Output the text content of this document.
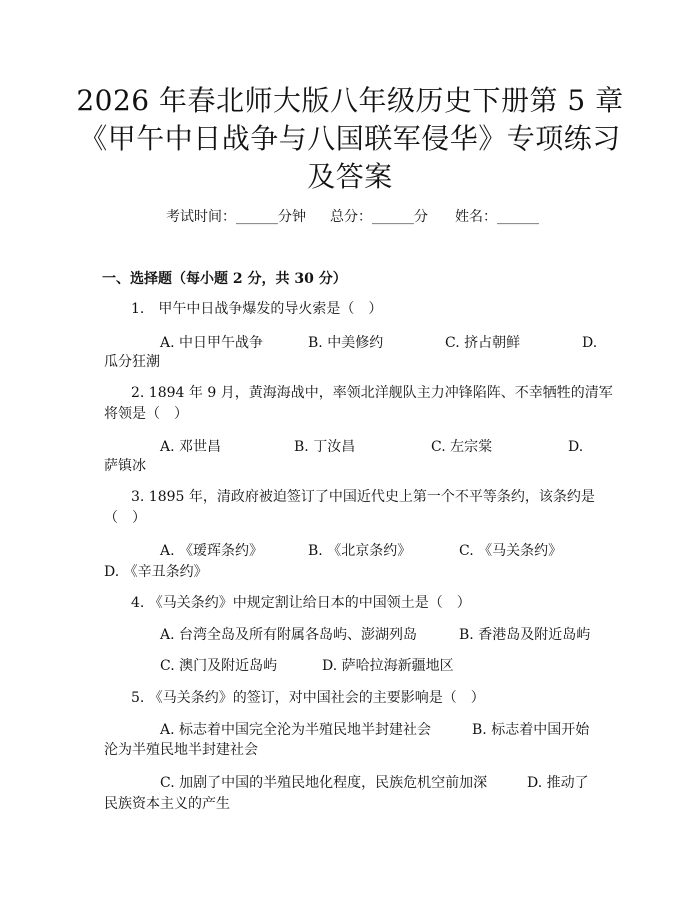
2026 年春北师大版八年级历史下册第 5 章
《甲午中日战争与八国联军侵华》专项练习
及答案
考试时间：______分钟 总分：______分 姓名：______
一、选择题（每小题 2 分，共 30 分）
1.　甲午中日战争爆发的导火索是（　）
A. 中日甲午战争	B. 中美修约	C. 挤占朝鲜	D.
瓜分狂潮
2. 1894 年 9 月，黄海海战中，率领北洋舰队主力冲锋陷阵、不幸牺牲的清军
将领是（　）
A. 邓世昌	B. 丁汝昌	C. 左宗棠	D.
萨镇冰
3. 1895 年，清政府被迫签订了中国近代史上第一个不平等条约，该条约是
（　）
A. 《瑷珲条约》	B. 《北京条约》	C. 《马关条约》
D. 《辛丑条约》
4. 《马关条约》中规定割让给日本的中国领土是（　）
A. 台湾全岛及所有附属各岛屿、澎湖列岛	B. 香港岛及附近岛屿
C. 澳门及附近岛屿	D. 萨哈拉海新疆地区
5. 《马关条约》的签订，对中国社会的主要影响是（　）
A. 标志着中国完全沦为半殖民地半封建社会	B. 标志着中国开始
沦为半殖民地半封建社会
C. 加剧了中国的半殖民地化程度，民族危机空前加深	D. 推动了
民族资本主义的产生
